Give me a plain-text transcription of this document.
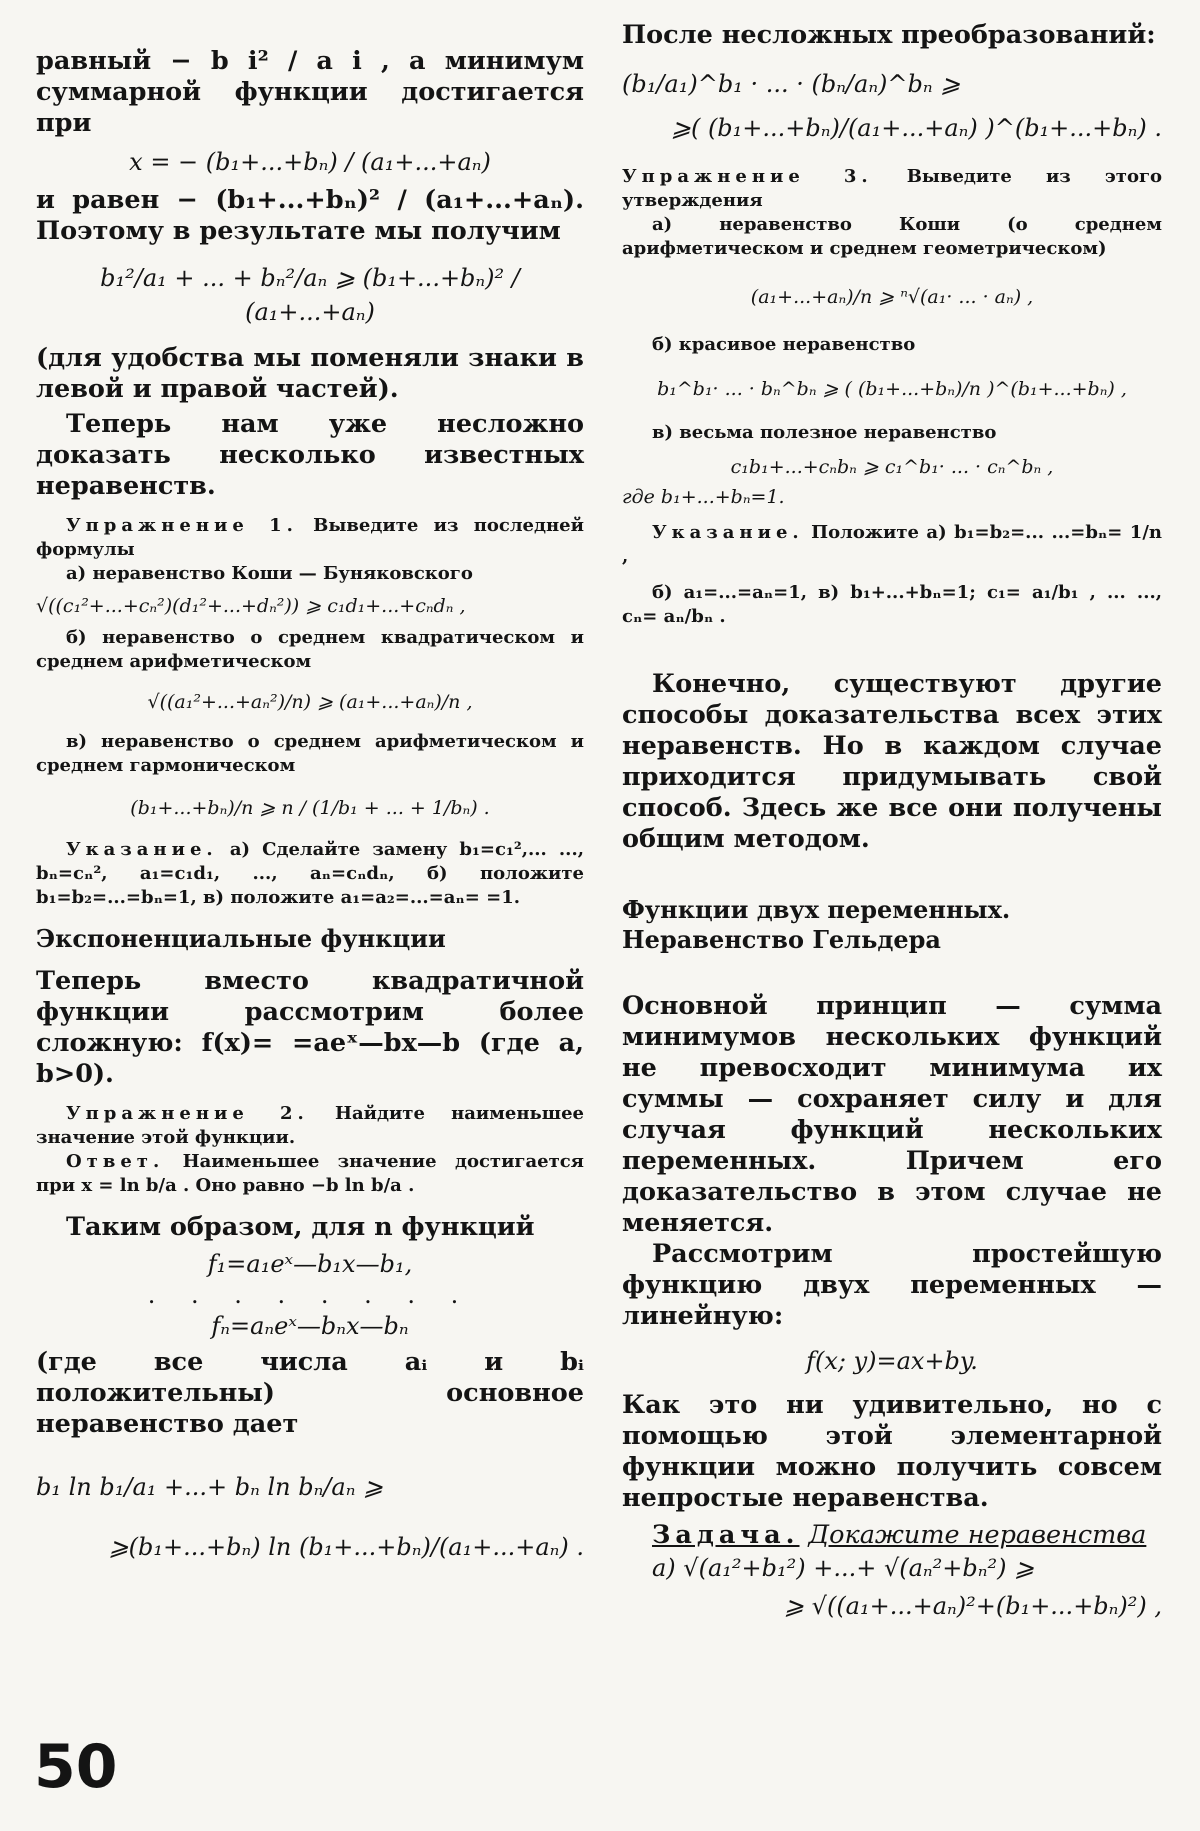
равный − b i² / a i , а минимум суммарной функции достигается при

x = − (b₁+...+bₙ) / (a₁+...+aₙ)

и равен − (b₁+...+bₙ)² / (a₁+...+aₙ). Поэтому в результате мы получим

b₁²/a₁ + ... + bₙ²/aₙ ⩾ (b₁+...+bₙ)² / (a₁+...+aₙ)

(для удобства мы поменяли знаки в левой и правой частей).

Теперь нам уже несложно доказать несколько известных неравенств.

Упражнение 1. Выведите из последней формулы

а) неравенство Коши — Буняковского

√((c₁²+...+cₙ²)(d₁²+...+dₙ²)) ⩾ c₁d₁+...+cₙdₙ ,

б) неравенство о среднем квадратическом и среднем арифметическом

√((a₁²+...+aₙ²)/n) ⩾ (a₁+...+aₙ)/n ,

в) неравенство о среднем арифметическом и среднем гармоническом

(b₁+...+bₙ)/n ⩾ n / (1/b₁ + ... + 1/bₙ) .

Указание. а) Сделайте замену b₁=c₁²,... ..., bₙ=cₙ², a₁=c₁d₁, ..., aₙ=cₙdₙ, б) положите b₁=b₂=...=bₙ=1, в) положите a₁=a₂=...=aₙ= =1.

Экспоненциальные функции

Теперь вместо квадратичной функции рассмотрим более сложную: f(x)= =aeˣ—bx—b (где a, b>0).

Упражнение 2. Найдите наименьшее значение этой функции.

Ответ. Наименьшее значение достигается при x = ln b/a . Оно равно −b ln b/a .

Таким образом, для n функций

f₁=a₁eˣ—b₁x—b₁,

. . . . . . . .

fₙ=aₙeˣ—bₙx—bₙ

(где все числа aᵢ и bᵢ положительны) основное неравенство дает

b₁ ln b₁/a₁ +...+ bₙ ln bₙ/aₙ ⩾

⩾(b₁+...+bₙ) ln (b₁+...+bₙ)/(a₁+...+aₙ) .

После несложных преобразований:

(b₁/a₁)^b₁ · ... · (bₙ/aₙ)^bₙ ⩾

⩾( (b₁+...+bₙ)/(a₁+...+aₙ) )^(b₁+...+bₙ) .

Упражнение 3. Выведите из этого утверждения

а) неравенство Коши (о среднем арифметическом и среднем геометрическом)

(a₁+...+aₙ)/n ⩾ ⁿ√(a₁· ... · aₙ) ,

б) красивое неравенство

b₁^b₁· ... · bₙ^bₙ ⩾ ( (b₁+...+bₙ)/n )^(b₁+...+bₙ) ,

в) весьма полезное неравенство

c₁b₁+...+cₙbₙ ⩾ c₁^b₁· ... · cₙ^bₙ ,

где b₁+...+bₙ=1.

Указание. Положите а) b₁=b₂=... ...=bₙ= 1/n ,

б) a₁=...=aₙ=1, в) b₁+...+bₙ=1; c₁= a₁/b₁ , ... ..., cₙ= aₙ/bₙ .

Конечно, существуют другие способы доказательства всех этих неравенств. Но в каждом случае приходится придумывать свой способ. Здесь же все они получены общим методом.

Функции двух переменных. Неравенство Гельдера

Основной принцип — сумма минимумов нескольких функций не превосходит минимума их суммы — сохраняет силу и для случая функций нескольких переменных. Причем его доказательство в этом случае не меняется.

Рассмотрим простейшую функцию двух переменных — линейную:

f(x; y)=ax+by.

Как это ни удивительно, но с помощью этой элементарной функции можно получить совсем непростые неравенства.

Задача. Докажите неравенства

а) √(a₁²+b₁²) +...+ √(aₙ²+bₙ²) ⩾

⩾ √((a₁+...+aₙ)²+(b₁+...+bₙ)²) ,

50
